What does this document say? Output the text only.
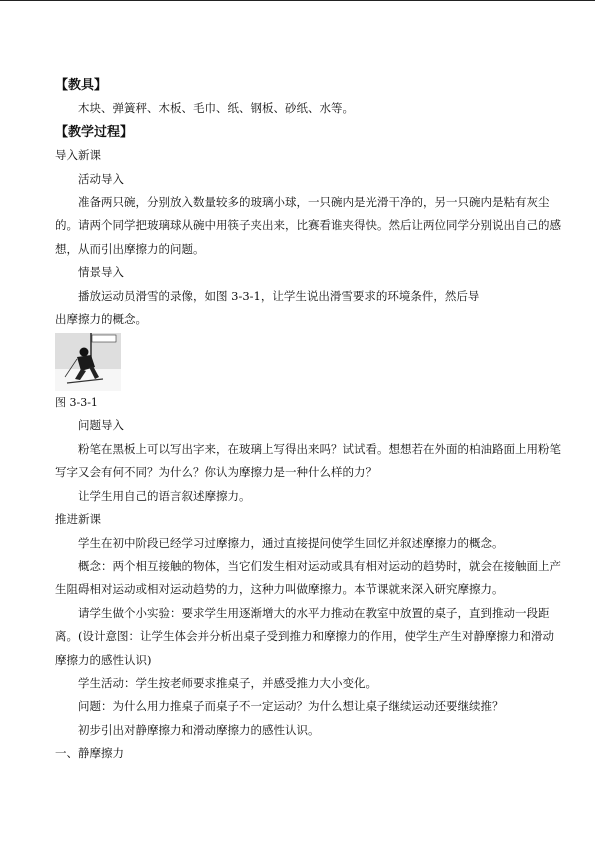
【教具】

木块、弹簧秤、木板、毛巾、纸、钢板、砂纸、水等。

【教学过程】

导入新课

活动导入

准备两只碗，分别放入数量较多的玻璃小球，一只碗内是光滑干净的，另一只碗内是粘有灰尘的。请两个同学把玻璃球从碗中用筷子夹出来，比赛看谁夹得快。然后让两位同学分别说出自己的感想，从而引出摩擦力的问题。

情景导入

播放运动员滑雪的录像，如图 3-3-1，让学生说出滑雪要求的环境条件，然后导

出摩擦力的概念。

图 3-3-1

问题导入

粉笔在黑板上可以写出字来，在玻璃上写得出来吗？试试看。想想若在外面的柏油路面上用粉笔写字又会有何不同？为什么？你认为摩擦力是一种什么样的力？

让学生用自己的语言叙述摩擦力。

推进新课

学生在初中阶段已经学习过摩擦力，通过直接提问使学生回忆并叙述摩擦力的概念。

概念：两个相互接触的物体，当它们发生相对运动或具有相对运动的趋势时，就会在接触面上产生阻碍相对运动或相对运动趋势的力，这种力叫做摩擦力。本节课就来深入研究摩擦力。

请学生做个小实验：要求学生用逐渐增大的水平力推动在教室中放置的桌子，直到推动一段距离。(设计意图：让学生体会并分析出桌子受到推力和摩擦力的作用，使学生产生对静摩擦力和滑动摩擦力的感性认识)

学生活动：学生按老师要求推桌子，并感受推力大小变化。

问题：为什么用力推桌子而桌子不一定运动？为什么想让桌子继续运动还要继续推？

初步引出对静摩擦力和滑动摩擦力的感性认识。

一、静摩擦力
